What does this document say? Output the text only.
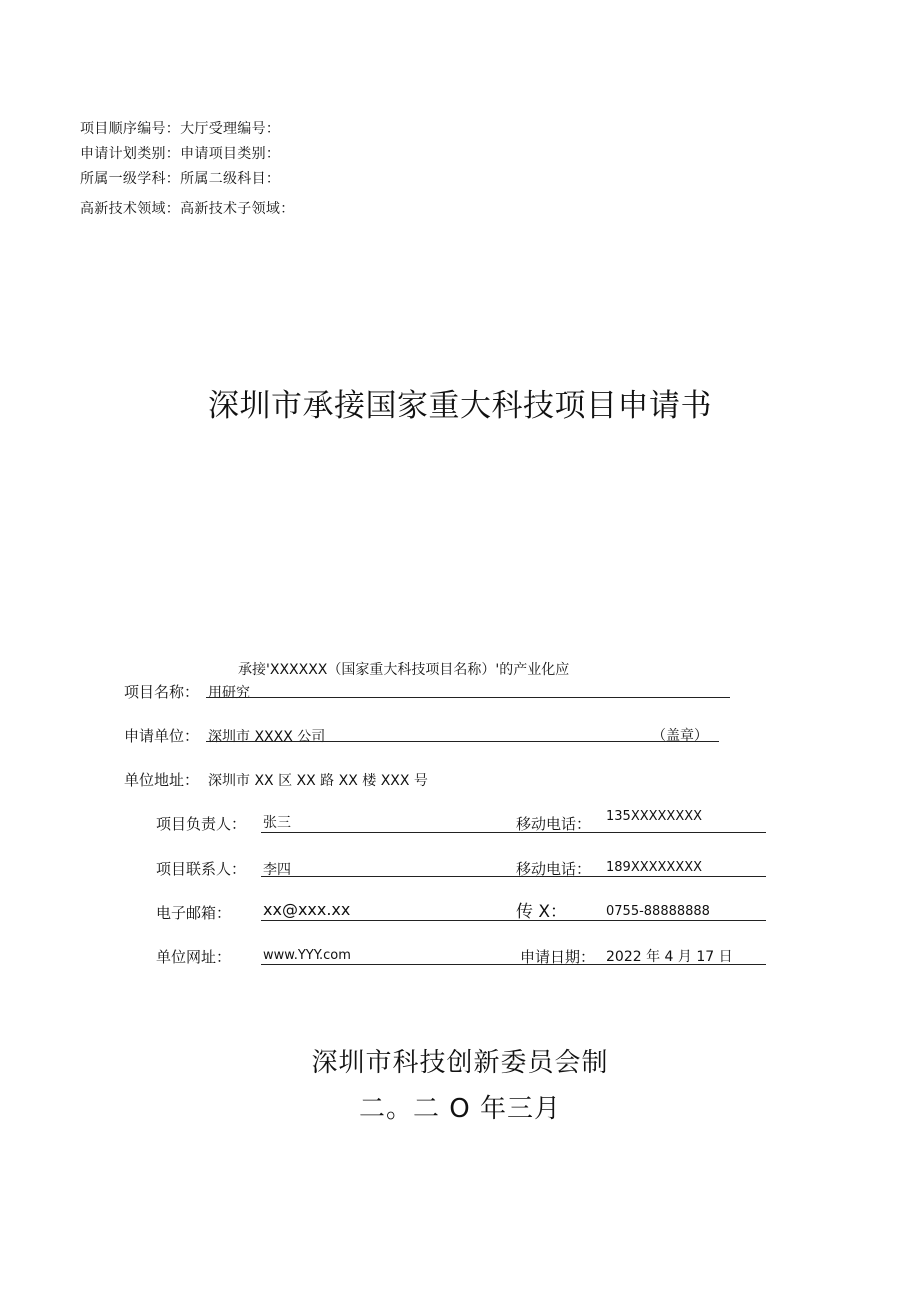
项目顺序编号：大厅受理编号：
申请计划类别：申请项目类别：
所属一级学科：所属二级科目：
高新技术领域：高新技术子领域：
深圳市承接国家重大科技项目申请书
承接'XXXXXX（国家重大科技项目名称）'的产业化应
项目名称： 用研究
申请单位： 深圳市 XXXX 公司	（盖章）
单位地址： 深圳市 XX 区 XX 路 XX 楼 XXX 号
项目负责人： 张三	移动电话： 135XXXXXXXX
项目联系人： 李四	移动电话： 189XXXXXXXX
电子邮箱： xx@xxx.xx	传 X：	0755-88888888
单位网址： www.YYY.com	申请日期： 2022 年 4 月 17 日
深圳市科技创新委员会制
二。二 O 年三月
